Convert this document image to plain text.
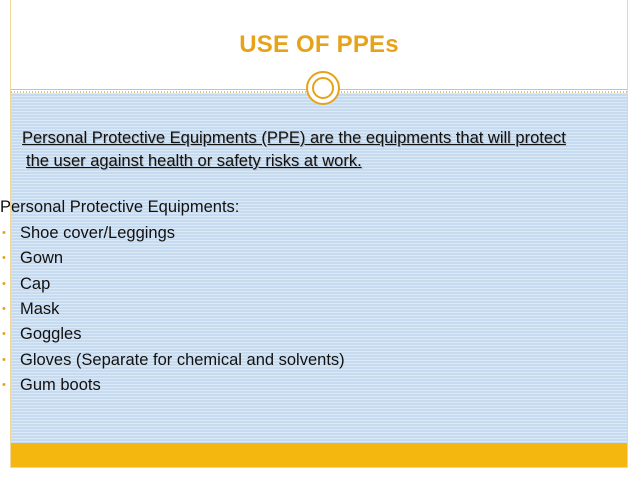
USE OF PPEs

Personal Protective Equipments (PPE) are the equipments that will protect
the user against health or safety risks at work.

Personal Protective Equipments:

• Shoe cover/Leggings
• Gown
• Cap
• Mask
• Goggles
• Gloves (Separate for chemical and solvents)
• Gum boots
